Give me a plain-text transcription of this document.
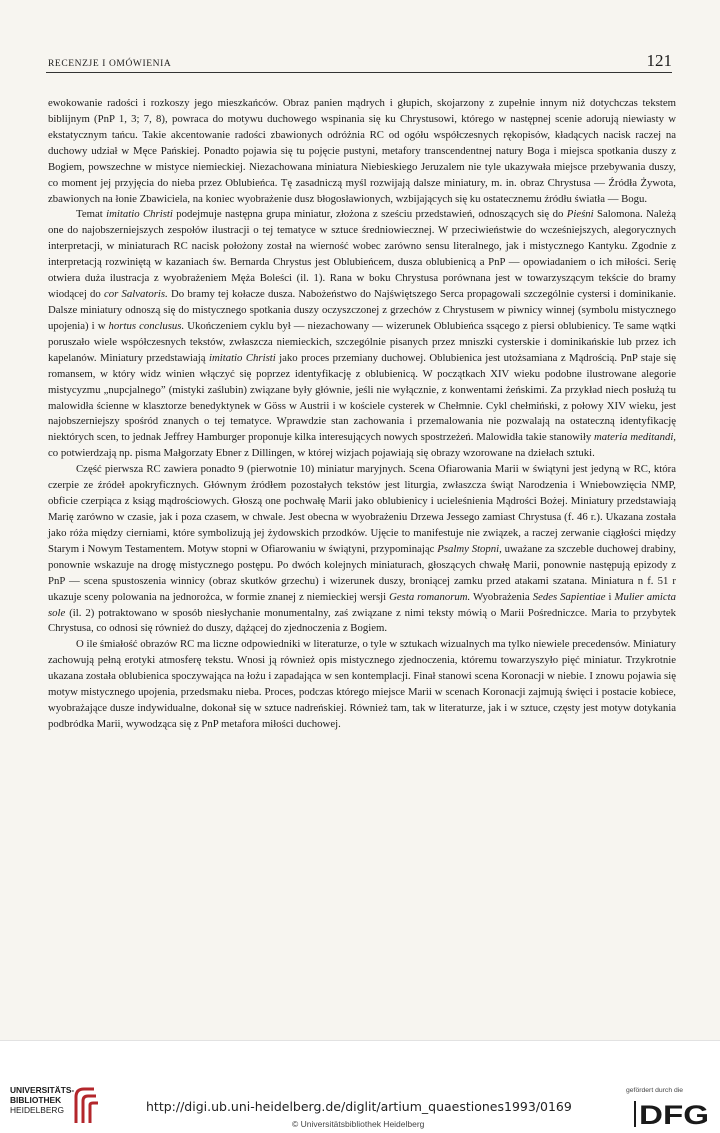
RECENZJE I OMÓWIENIA	121

ewokowanie radości i rozkoszy jego mieszkańców. Obraz panien mądrych i głupich, skojarzony z zupełnie innym niż dotychczas tekstem biblijnym (PnP 1, 3; 7, 8), powraca do motywu duchowego wspinania się ku Chrystusowi, którego w następnej scenie adorują niewiasty w ekstatycznym tańcu. Takie akcentowanie radości zbawionych odróżnia RC od ogółu współczesnych rękopisów, kładących nacisk raczej na duchowy udział w Męce Pańskiej. Ponadto pojawia się tu pojęcie pustyni, metafory transcendentnej natury Boga i miejsca spotkania duszy z Bogiem, powszechne w mistyce niemieckiej. Niezachowana miniatura Niebieskiego Jeruzalem nie tyle ukazywała miejsce przebywania duszy, co moment jej przyjęcia do nieba przez Oblubieńca. Tę zasadniczą myśl rozwijają dalsze miniatury, m. in. obraz Chrystusa — Źródła Żywota, zbawionych na łonie Zbawiciela, na koniec wyobrażenie dusz błogosławionych, wzbijających się ku ostatecznemu źródłu światła — Bogu.

Temat imitatio Christi podejmuje następna grupa miniatur, złożona z sześciu przedstawień, odnoszących się do Pieśni Salomona. Należą one do najobszerniejszych zespołów ilustracji o tej tematyce w sztuce średniowiecznej. W przeciwieństwie do wcześniejszych, alegorycznych interpretacji, w miniaturach RC nacisk położony został na wierność wobec zarówno sensu literalnego, jak i mistycznego Kantyku. Zgodnie z interpretacją rozwiniętą w kazaniach św. Bernarda Chrystus jest Oblubieńcem, dusza oblubienicą a PnP — opowiadaniem o ich miłości. Serię otwiera duża ilustracja z wyobrażeniem Męża Boleści (il. 1). Rana w boku Chrystusa porównana jest w towarzyszącym tekście do bramy wiodącej do cor Salvatoris. Do bramy tej kołacze dusza. Nabożeństwo do Najświętszego Serca propagowali szczególnie cystersi i dominikanie. Dalsze miniatury odnoszą się do mistycznego spotkania duszy oczyszczonej z grzechów z Chrystusem w piwnicy winnej (symbolu mistycznego upojenia) i w hortus conclusus. Ukończeniem cyklu był — niezachowany — wizerunek Oblubieńca ssącego z piersi oblubienicy. Te same wątki poruszało wiele współczesnych tekstów, zwłaszcza niemieckich, szczególnie pisanych przez mniszki cysterskie i dominikańskie lub przez ich kapelanów. Miniatury przedstawiają imitatio Christi jako proces przemiany duchowej. Oblubienica jest utożsamiana z Mądrością. PnP staje się romansem, w który widz winien włączyć się poprzez identyfikację z oblubienicą. W początkach XIV wieku podobne ilustrowane alegorie mistycyzmu „nupcjalnego” (mistyki zaślubin) związane były głównie, jeśli nie wyłącznie, z konwentami żeńskimi. Za przykład niech posłużą tu malowidła ścienne w klasztorze benedyktynek w Göss w Austrii i w kościele cysterek w Chełmnie. Cykl chełmiński, z połowy XIV wieku, jest najobszerniejszy spośród znanych o tej tematyce. Wprawdzie stan zachowania i przemalowania nie pozwalają na ostateczną identyfikację niektórych scen, to jednak Jeffrey Hamburger proponuje kilka interesujących nowych spostrzeżeń. Malowidła takie stanowiły materia meditandi, co potwierdzają np. pisma Małgorzaty Ebner z Dillingen, w której wizjach pojawiają się obrazy wzorowane na dziełach sztuki.

Część pierwsza RC zawiera ponadto 9 (pierwotnie 10) miniatur maryjnych. Scena Ofiarowania Marii w świątyni jest jedyną w RC, która czerpie ze źródeł apokryficznych. Głównym źródłem pozostałych tekstów jest liturgia, zwłaszcza świąt Narodzenia i Wniebowzięcia NMP, obficie czerpiąca z ksiąg mądrościowych. Głoszą one pochwałę Marii jako oblubienicy i ucieleśnienia Mądrości Bożej. Miniatury przedstawiają Marię zarówno w czasie, jak i poza czasem, w chwale. Jest obecna w wyobrażeniu Drzewa Jessego zamiast Chrystusa (f. 46 r.). Ukazana została jako róża między cierniami, które symbolizują jej żydowskich przodków. Ujęcie to manifestuje nie związek, a raczej zerwanie ciągłości między Starym i Nowym Testamentem. Motyw stopni w Ofiarowaniu w świątyni, przypominając Psalmy Stopni, uważane za szczeble duchowej drabiny, ponownie wskazuje na drogę mistycznego postępu. Po dwóch kolejnych miniaturach, głoszących chwałę Marii, ponownie następują epizody z PnP — scena spustoszenia winnicy (obraz skutków grzechu) i wizerunek duszy, broniącej zamku przed atakami szatana. Miniatura n f. 51 r ukazuje sceny polowania na jednorożca, w formie znanej z niemieckiej wersji Gesta romanorum. Wyobrażenia Sedes Sapientiae i Mulier amicta sole (il. 2) potraktowano w sposób niesłychanie monumentalny, zaś związane z nimi teksty mówią o Marii Pośredniczce. Maria to przybytek Chrystusa, co odnosi się również do duszy, dążącej do zjednoczenia z Bogiem.

O ile śmiałość obrazów RC ma liczne odpowiedniki w literaturze, o tyle w sztukach wizualnych ma tylko niewiele precedensów. Miniatury zachowują pełną erotyki atmosferę tekstu. Wnosi ją również opis mistycznego zjednoczenia, któremu towarzyszyło pięć miniatur. Trzykrotnie ukazana została oblubienica spoczywająca na łożu i zapadająca w sen kontemplacji. Finał stanowi scena Koronacji w niebie. I znowu pojawia się motyw mistycznego upojenia, przedsmaku nieba. Proces, podczas którego miejsce Marii w scenach Koronacji zajmują święci i postacie kobiece, wyobrażające dusze indywidualne, dokonał się w sztuce nadreńskiej. Również tam, tak w literaturze, jak i w sztuce, częsty jest motyw dotykania podbródka Marii, wywodząca się z PnP metafora miłości duchowej.

UNIVERSITÄTS-
BIBLIOTHEK
HEIDELBERG	http://digi.ub.uni-heidelberg.de/diglit/artium_quaestiones1993/0169
© Universitätsbibliothek Heidelberg
gefördert durch die
DFG
